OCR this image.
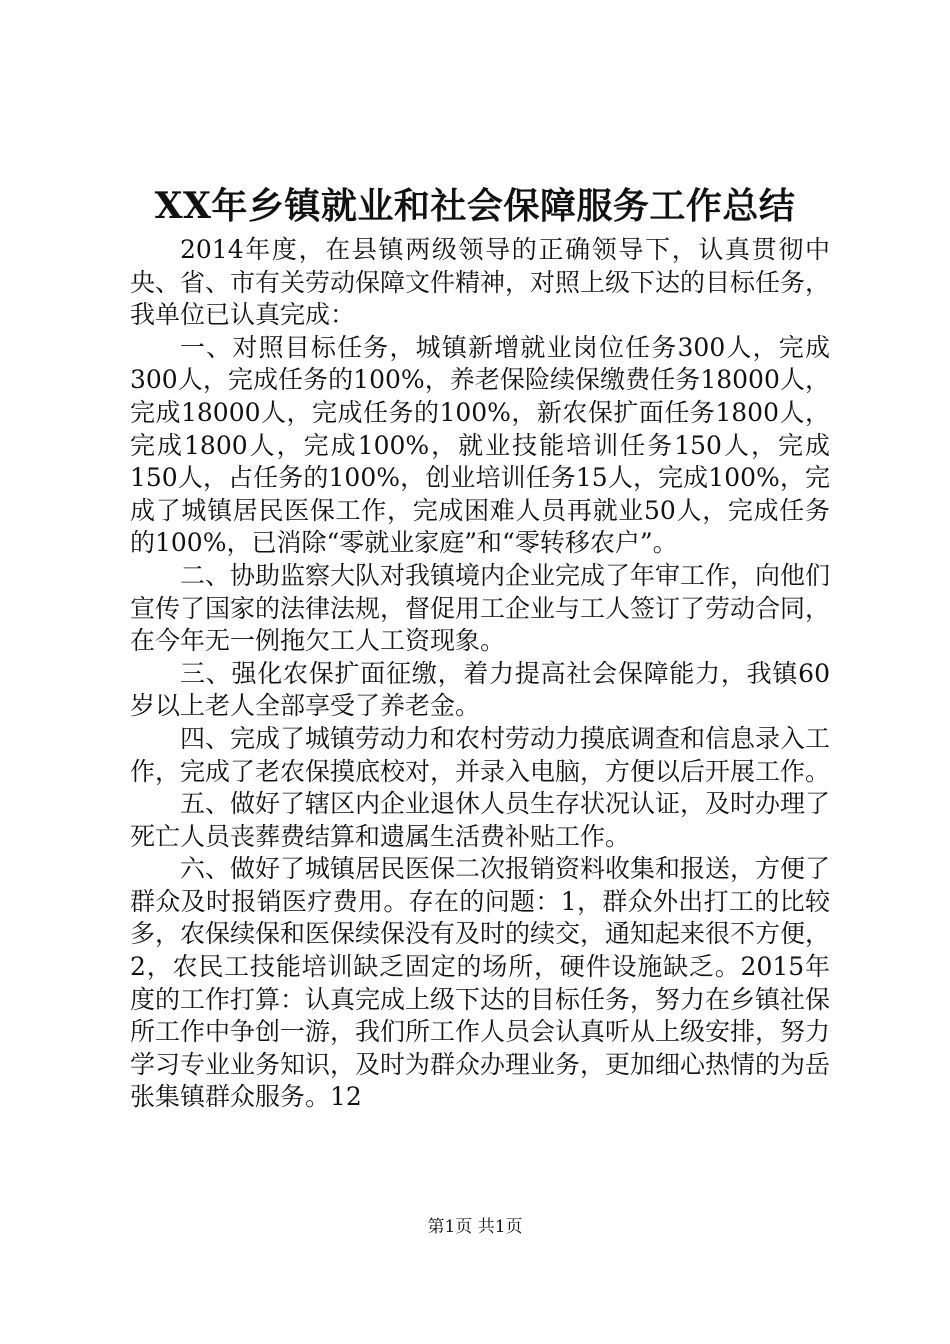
XX年乡镇就业和社会保障服务工作总结

2014年度，在县镇两级领导的正确领导下，认真贯彻中央、省、市有关劳动保障文件精神，对照上级下达的目标任务，我单位已认真完成：

一、对照目标任务，城镇新增就业岗位任务300人，完成300人，完成任务的100%，养老保险续保缴费任务18000人，完成18000人，完成任务的100%，新农保扩面任务1800人，完成1800人，完成100%，就业技能培训任务150人，完成150人，占任务的100%，创业培训任务15人，完成100%，完成了城镇居民医保工作，完成困难人员再就业50人，完成任务的100%，已消除“零就业家庭”和“零转移农户”。

二、协助监察大队对我镇境内企业完成了年审工作，向他们宣传了国家的法律法规，督促用工企业与工人签订了劳动合同，在今年无一例拖欠工人工资现象。

三、强化农保扩面征缴，着力提高社会保障能力，我镇60岁以上老人全部享受了养老金。

四、完成了城镇劳动力和农村劳动力摸底调查和信息录入工作，完成了老农保摸底校对，并录入电脑，方便以后开展工作。

五、做好了辖区内企业退休人员生存状况认证，及时办理了死亡人员丧葬费结算和遗属生活费补贴工作。

六、做好了城镇居民医保二次报销资料收集和报送，方便了群众及时报销医疗费用。存在的问题：1，群众外出打工的比较多，农保续保和医保续保没有及时的续交，通知起来很不方便，2，农民工技能培训缺乏固定的场所，硬件设施缺乏。2015年度的工作打算：认真完成上级下达的目标任务，努力在乡镇社保所工作中争创一游，我们所工作人员会认真听从上级安排，努力学习专业业务知识，及时为群众办理业务，更加细心热情的为岳张集镇群众服务。12

第1页 共1页
